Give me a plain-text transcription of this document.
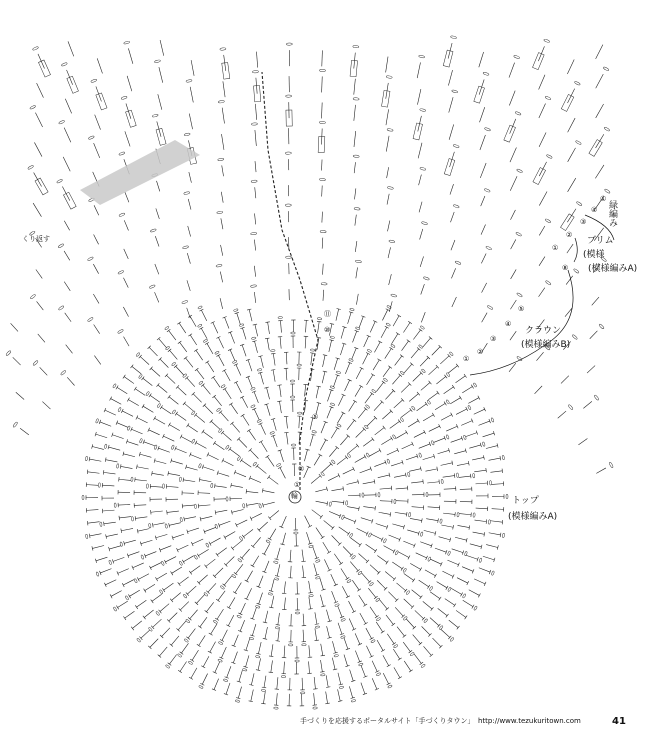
①
④
③
②
①
⑧
⑤
④
③
②
①
⑪
⑩
⑤
②
①
緑編み
ブリム
(模様
(模様編みA)
クラウン
(模様編みB)
トップ
(模様編みA)
くり返す
輪
手づくりを応援するポータルサイト「手づくりタウン」 http://www.tezukuritown.com	41
